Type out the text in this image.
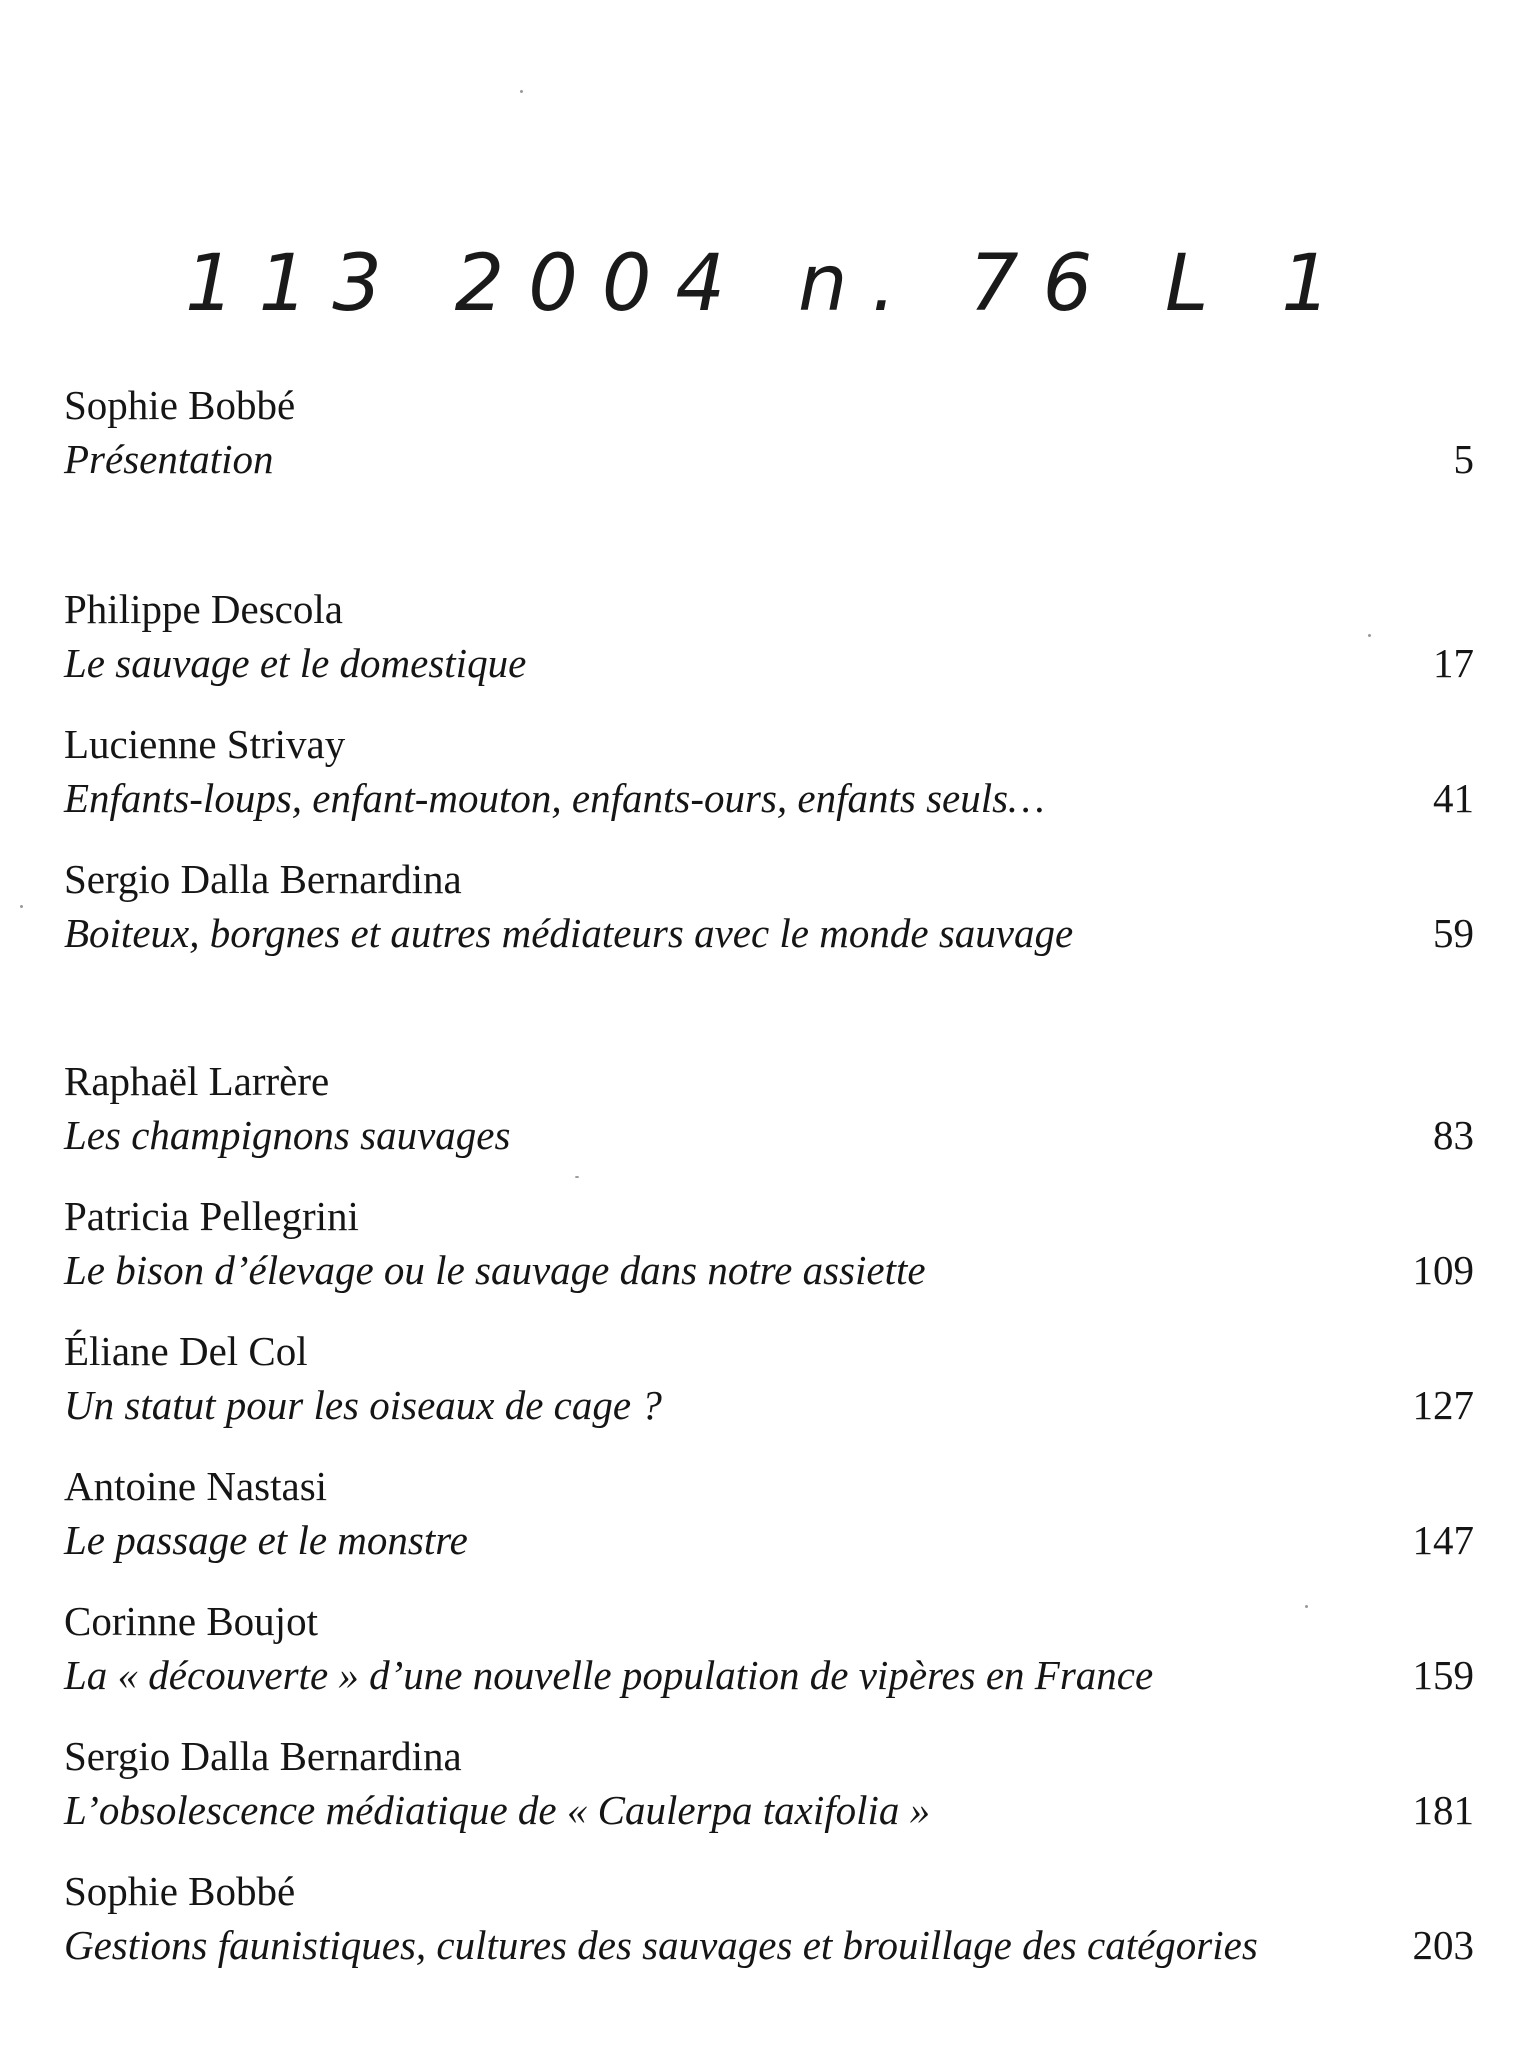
113 2004 n. 76 L 1
Sophie Bobbé
Présentation	5
Philippe Descola
Le sauvage et le domestique	17
Lucienne Strivay
Enfants-loups, enfant-mouton, enfants-ours, enfants seuls…	41
Sergio Dalla Bernardina
Boiteux, borgnes et autres médiateurs avec le monde sauvage	59
Raphaël Larrère
Les champignons sauvages	83
Patricia Pellegrini
Le bison d’élevage ou le sauvage dans notre assiette	109
Éliane Del Col
Un statut pour les oiseaux de cage ?	127
Antoine Nastasi
Le passage et le monstre	147
Corinne Boujot
La « découverte » d’une nouvelle population de vipères en France	159
Sergio Dalla Bernardina
L’obsolescence médiatique de « Caulerpa taxifolia »	181
Sophie Bobbé
Gestions faunistiques, cultures des sauvages et brouillage des catégories	203
